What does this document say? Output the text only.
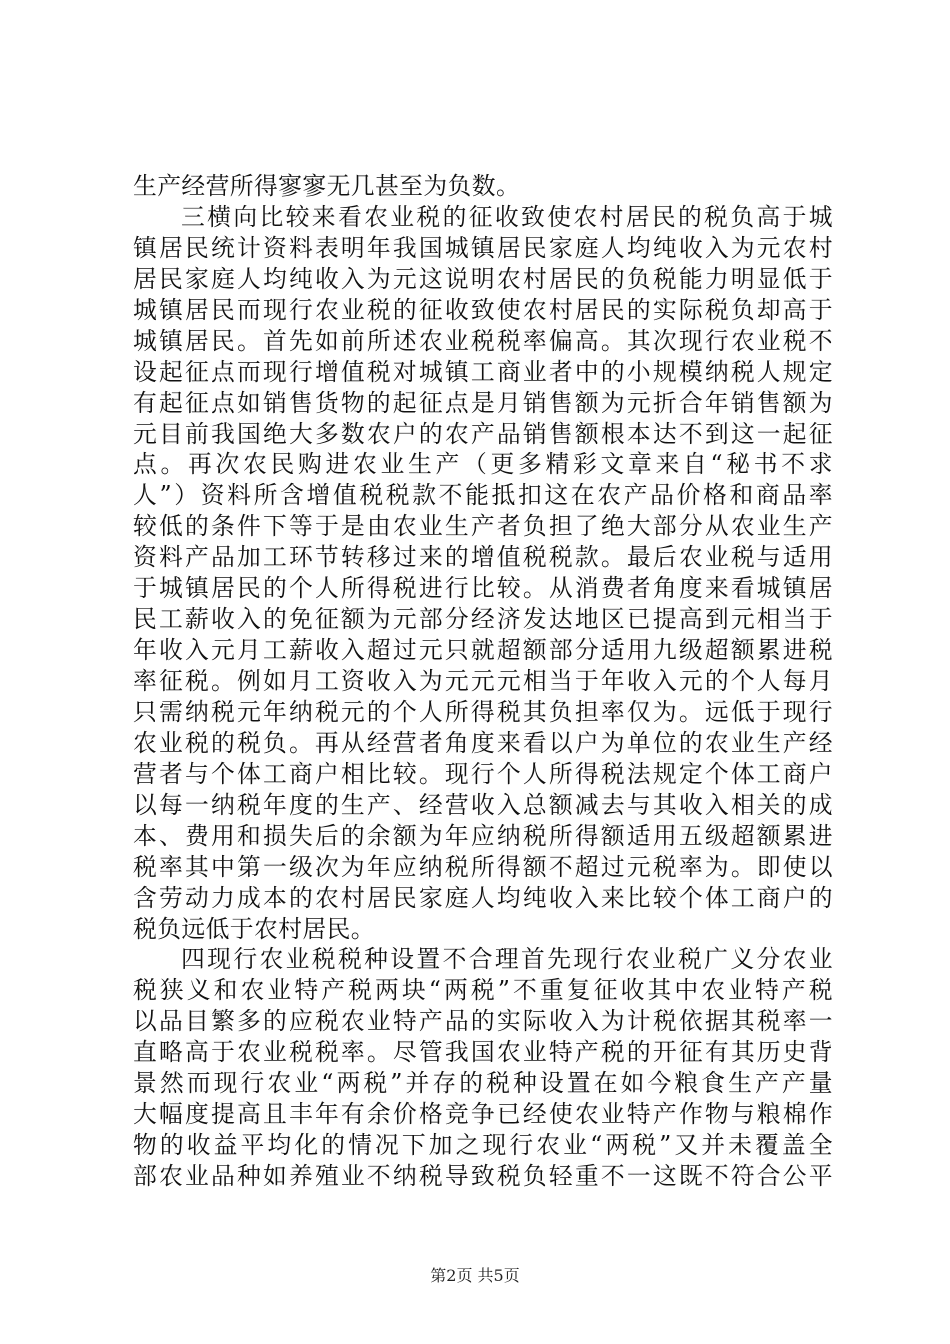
生产经营所得寥寥无几甚至为负数。
三横向比较来看农业税的征收致使农村居民的税负高于城
镇居民统计资料表明年我国城镇居民家庭人均纯收入为元农村
居民家庭人均纯收入为元这说明农村居民的负税能力明显低于
城镇居民而现行农业税的征收致使农村居民的实际税负却高于
城镇居民。首先如前所述农业税税率偏高。其次现行农业税不
设起征点而现行增值税对城镇工商业者中的小规模纳税人规定
有起征点如销售货物的起征点是月销售额为元折合年销售额为
元目前我国绝大多数农户的农产品销售额根本达不到这一起征
点。再次农民购进农业生产（更多精彩文章来自“秘书不求
人”）资料所含增值税税款不能抵扣这在农产品价格和商品率
较低的条件下等于是由农业生产者负担了绝大部分从农业生产
资料产品加工环节转移过来的增值税税款。最后农业税与适用
于城镇居民的个人所得税进行比较。从消费者角度来看城镇居
民工薪收入的免征额为元部分经济发达地区已提高到元相当于
年收入元月工薪收入超过元只就超额部分适用九级超额累进税
率征税。例如月工资收入为元元元相当于年收入元的个人每月
只需纳税元年纳税元的个人所得税其负担率仅为。远低于现行
农业税的税负。再从经营者角度来看以户为单位的农业生产经
营者与个体工商户相比较。现行个人所得税法规定个体工商户
以每一纳税年度的生产、经营收入总额减去与其收入相关的成
本、费用和损失后的余额为年应纳税所得额适用五级超额累进
税率其中第一级次为年应纳税所得额不超过元税率为。即使以
含劳动力成本的农村居民家庭人均纯收入来比较个体工商户的
税负远低于农村居民。
四现行农业税税种设置不合理首先现行农业税广义分农业
税狭义和农业特产税两块“两税”不重复征收其中农业特产税
以品目繁多的应税农业特产品的实际收入为计税依据其税率一
直略高于农业税税率。尽管我国农业特产税的开征有其历史背
景然而现行农业“两税”并存的税种设置在如今粮食生产产量
大幅度提高且丰年有余价格竞争已经使农业特产作物与粮棉作
物的收益平均化的情况下加之现行农业“两税”又并未覆盖全
部农业品种如养殖业不纳税导致税负轻重不一这既不符合公平
第2页 共5页
